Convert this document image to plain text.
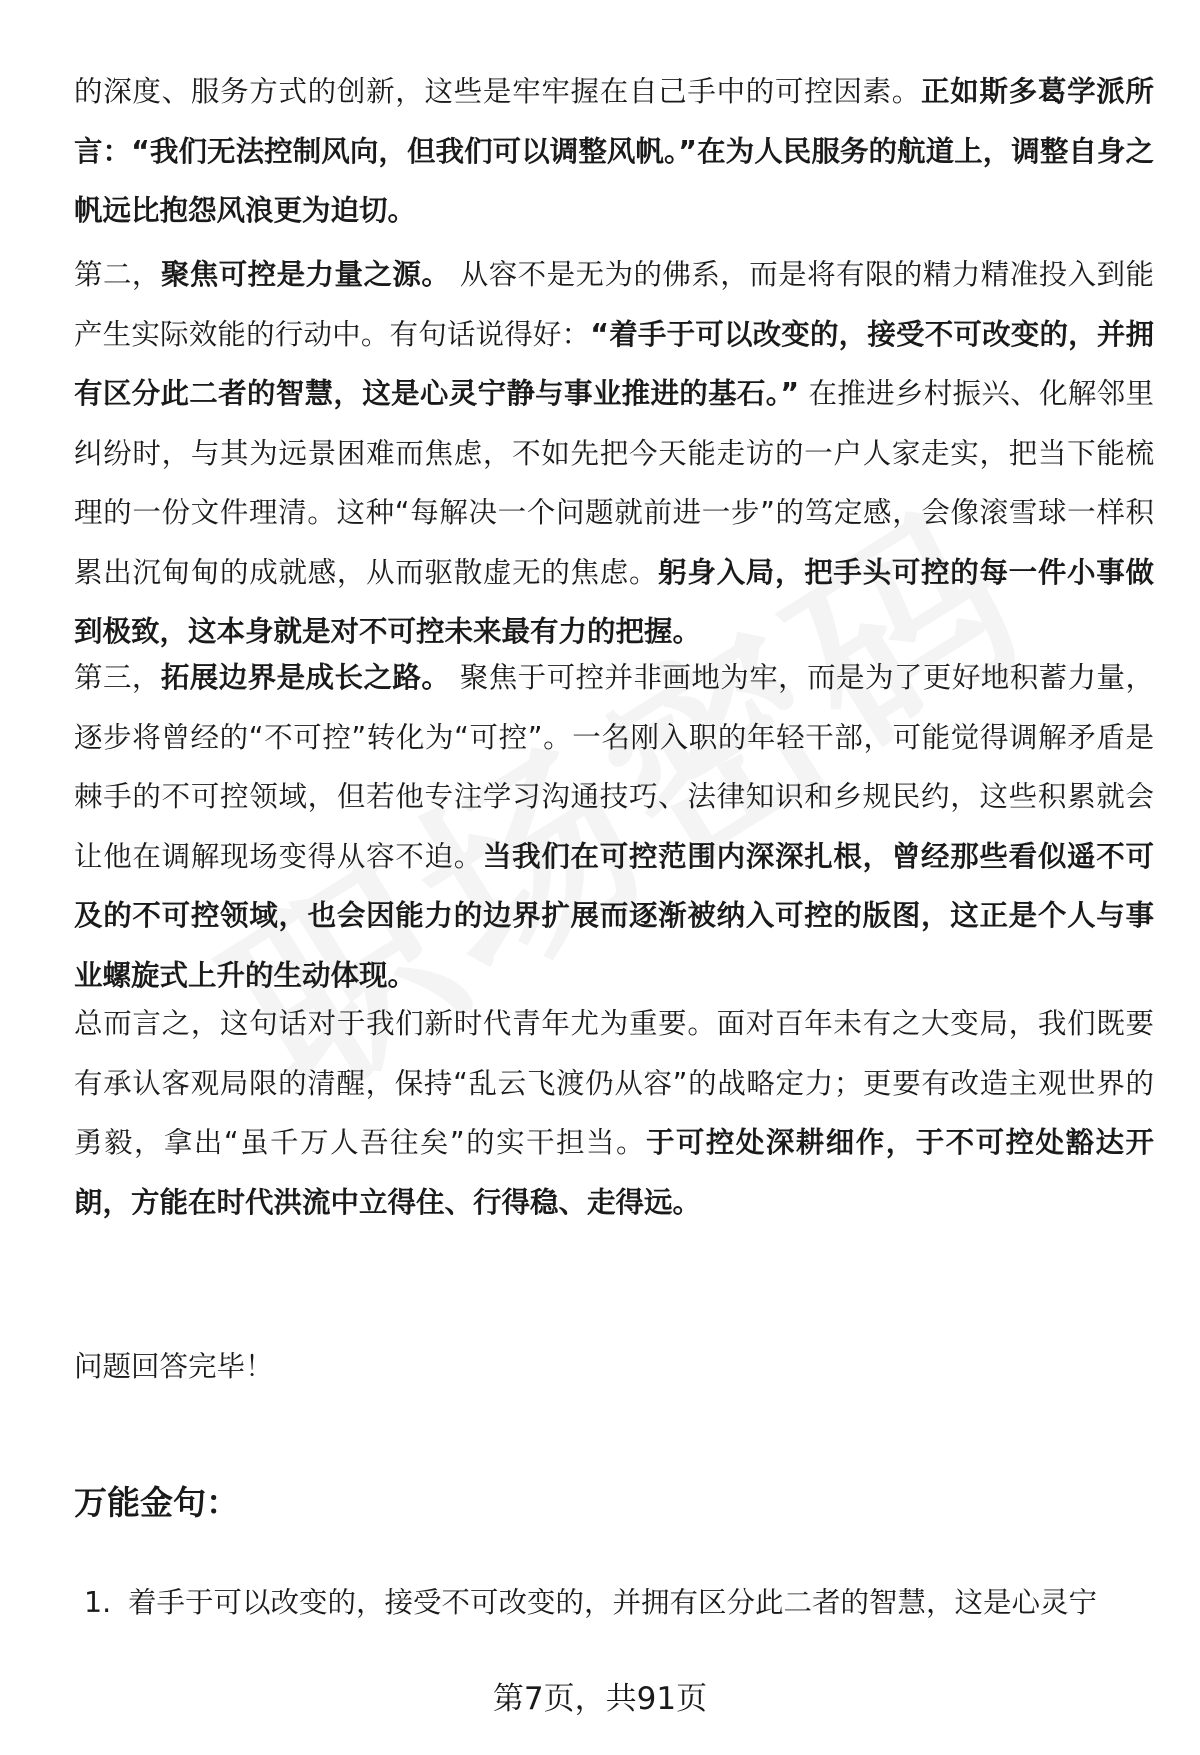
的深度、服务方式的创新，这些是牢牢握在自己手中的可控因素。正如斯多葛学派所言：“我们无法控制风向，但我们可以调整风帆。”在为人民服务的航道上，调整自身之帆远比抱怨风浪更为迫切。

第二，聚焦可控是力量之源。 从容不是无为的佛系，而是将有限的精力精准投入到能产生实际效能的行动中。有句话说得好：“着手于可以改变的，接受不可改变的，并拥有区分此二者的智慧，这是心灵宁静与事业推进的基石。” 在推进乡村振兴、化解邻里纠纷时，与其为远景困难而焦虑，不如先把今天能走访的一户人家走实，把当下能梳理的一份文件理清。这种“每解决一个问题就前进一步”的笃定感，会像滚雪球一样积累出沉甸甸的成就感，从而驱散虚无的焦虑。躬身入局，把手头可控的每一件小事做到极致，这本身就是对不可控未来最有力的把握。

第三，拓展边界是成长之路。 聚焦于可控并非画地为牢，而是为了更好地积蓄力量，逐步将曾经的“不可控”转化为“可控”。一名刚入职的年轻干部，可能觉得调解矛盾是棘手的不可控领域，但若他专注学习沟通技巧、法律知识和乡规民约，这些积累就会让他在调解现场变得从容不迫。当我们在可控范围内深深扎根，曾经那些看似遥不可及的不可控领域，也会因能力的边界扩展而逐渐被纳入可控的版图，这正是个人与事业螺旋式上升的生动体现。

总而言之，这句话对于我们新时代青年尤为重要。面对百年未有之大变局，我们既要有承认客观局限的清醒，保持“乱云飞渡仍从容”的战略定力；更要有改造主观世界的勇毅，拿出“虽千万人吾往矣”的实干担当。于可控处深耕细作，于不可控处豁达开朗，方能在时代洪流中立得住、行得稳、走得远。

问题回答完毕！

万能金句：
1. 着手于可以改变的，接受不可改变的，并拥有区分此二者的智慧，这是心灵宁

第7页，共91页
